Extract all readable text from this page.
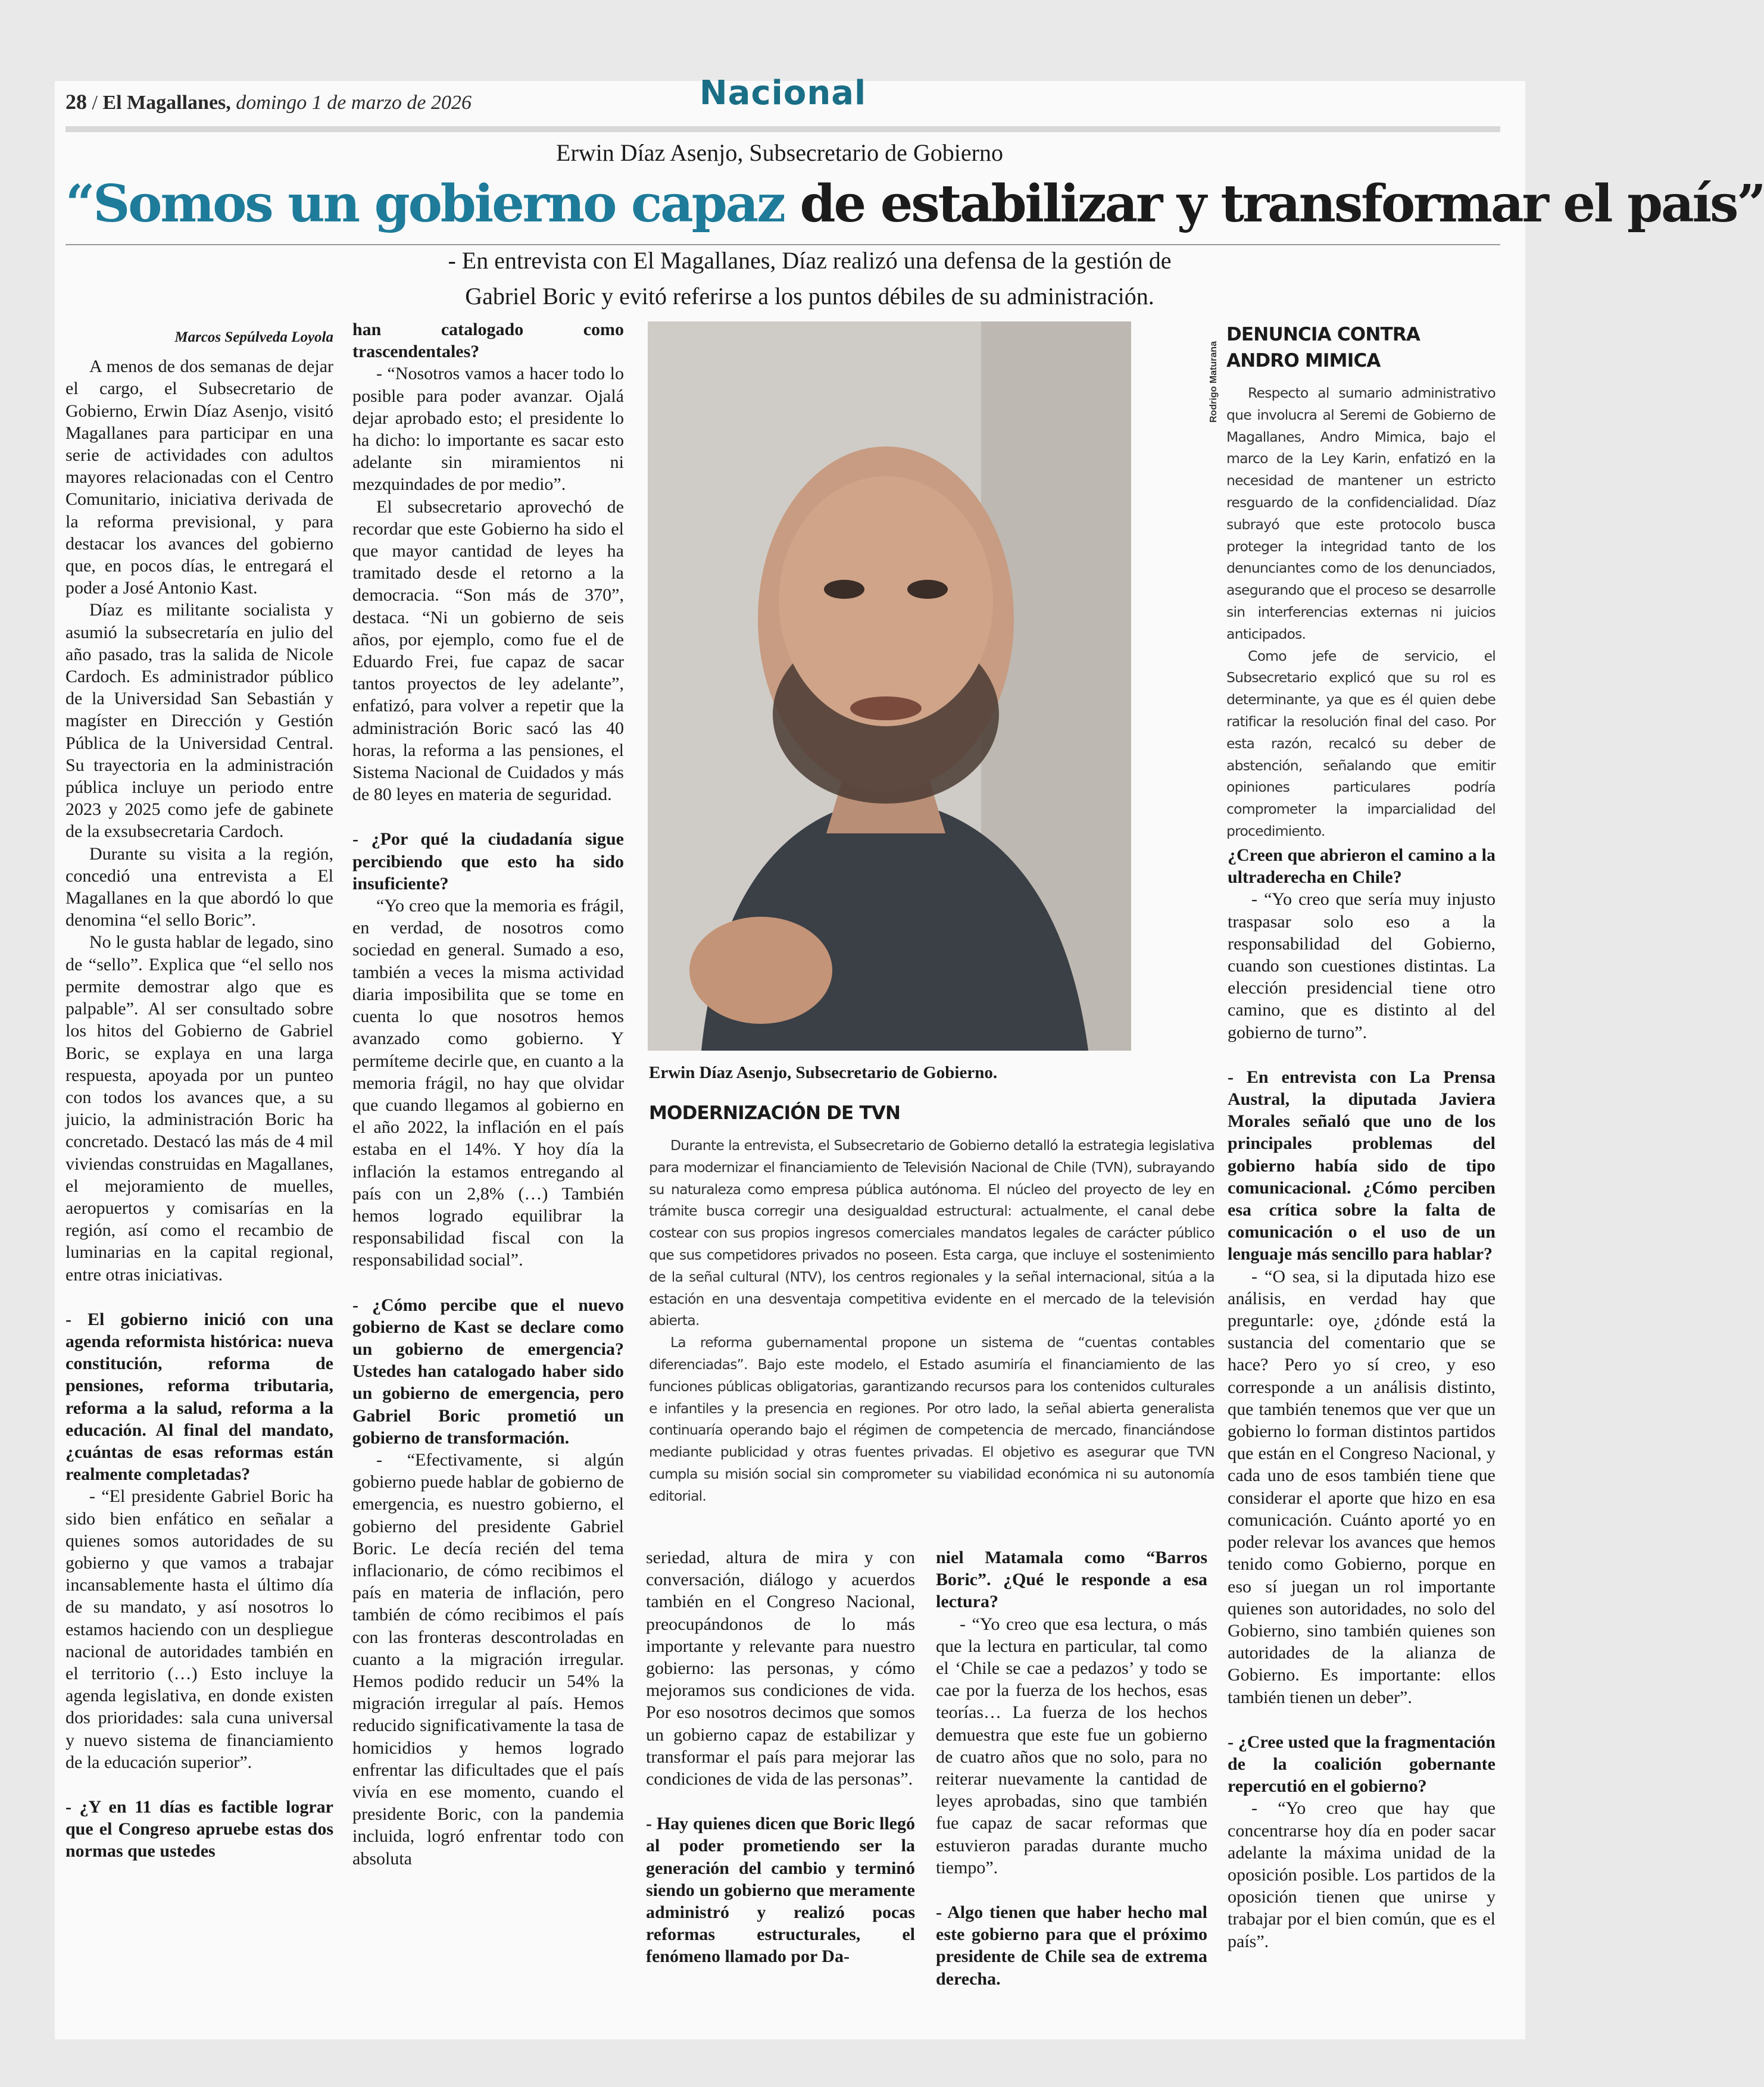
28 / El Magallanes, domingo 1 de marzo de 2026	Nacional
Erwin Díaz Asenjo, Subsecretario de Gobierno
“Somos un gobierno capaz de estabilizar y transformar el país”
- En entrevista con El Magallanes, Díaz realizó una defensa de la gestión de
Gabriel Boric y evitó referirse a los puntos débiles de su administración.

Marcos Sepúlveda Loyola

A menos de dos semanas de dejar el cargo, el Subsecretario de Gobierno, Erwin Díaz Asenjo, visitó Magallanes para participar en una serie de actividades con adultos mayores relacionadas con el Centro Comunitario, iniciativa derivada de la reforma previsional, y para destacar los avances del gobierno que, en pocos días, le entregará el poder a José Antonio Kast.

Díaz es militante socialista y asumió la subsecretaría en julio del año pasado, tras la salida de Nicole Cardoch. Es administrador público de la Universidad San Sebastián y magíster en Dirección y Gestión Pública de la Universidad Central. Su trayectoria en la administración pública incluye un periodo entre 2023 y 2025 como jefe de gabinete de la exsubsecretaria Cardoch.

Durante su visita a la región, concedió una entrevista a El Magallanes en la que abordó lo que denomina “el sello Boric”.

No le gusta hablar de legado, sino de “sello”. Explica que “el sello nos permite demostrar algo que es palpable”. Al ser consultado sobre los hitos del Gobierno de Gabriel Boric, se explaya en una larga respuesta, apoyada por un punteo con todos los avances que, a su juicio, la administración Boric ha concretado. Destacó las más de 4 mil viviendas construidas en Magallanes, el mejoramiento de muelles, aeropuertos y comisarías en la región, así como el recambio de luminarias en la capital regional, entre otras iniciativas.

- El gobierno inició con una agenda reformista histórica: nueva constitución, reforma de pensiones, reforma tributaria, reforma a la salud, reforma a la educación. Al final del mandato, ¿cuántas de esas reformas están realmente completadas?

- “El presidente Gabriel Boric ha sido bien enfático en señalar a quienes somos autoridades de su gobierno y que vamos a trabajar incansablemente hasta el último día de su mandato, y así nosotros lo estamos haciendo con un despliegue nacional de autoridades también en el territorio (…) Esto incluye la agenda legislativa, en donde existen dos prioridades: sala cuna universal y nuevo sistema de financiamiento de la educación superior”.

- ¿Y en 11 días es factible lograr que el Congreso apruebe estas dos normas que ustedes

han catalogado como trascendentales?

- “Nosotros vamos a hacer todo lo posible para poder avanzar. Ojalá dejar aprobado esto; el presidente lo ha dicho: lo importante es sacar esto adelante sin miramientos ni mezquindades de por medio”.

El subsecretario aprovechó de recordar que este Gobierno ha sido el que mayor cantidad de leyes ha tramitado desde el retorno a la democracia. “Son más de 370”, destaca. “Ni un gobierno de seis años, por ejemplo, como fue el de Eduardo Frei, fue capaz de sacar tantos proyectos de ley adelante”, enfatizó, para volver a repetir que la administración Boric sacó las 40 horas, la reforma a las pensiones, el Sistema Nacional de Cuidados y más de 80 leyes en materia de seguridad.

- ¿Por qué la ciudadanía sigue percibiendo que esto ha sido insuficiente?

“Yo creo que la memoria es frágil, en verdad, de nosotros como sociedad en general. Sumado a eso, también a veces la misma actividad diaria imposibilita que se tome en cuenta lo que nosotros hemos avanzado como gobierno. Y permíteme decirle que, en cuanto a la memoria frágil, no hay que olvidar que cuando llegamos al gobierno en el año 2022, la inflación en el país estaba en el 14%. Y hoy día la inflación la estamos entregando al país con un 2,8% (…) También hemos logrado equilibrar la responsabilidad fiscal con la responsabilidad social”.

- ¿Cómo percibe que el nuevo gobierno de Kast se declare como un gobierno de emergencia? Ustedes han catalogado haber sido un gobierno de emergencia, pero Gabriel Boric prometió un gobierno de transformación.

- “Efectivamente, si algún gobierno puede hablar de gobierno de emergencia, es nuestro gobierno, el gobierno del presidente Gabriel Boric. Le decía recién del tema inflacionario, de cómo recibimos el país en materia de inflación, pero también de cómo recibimos el país con las fronteras descontroladas en cuanto a la migración irregular. Hemos podido reducir un 54% la migración irregular al país. Hemos reducido significativamente la tasa de homicidios y hemos logrado enfrentar las dificultades que el país vivía en ese momento, cuando el presidente Boric, con la pandemia incluida, logró enfrentar todo con absoluta

Rodrigo Maturana
Erwin Díaz Asenjo, Subsecretario de Gobierno.
MODERNIZACIÓN DE TVN

Durante la entrevista, el Subsecretario de Gobierno detalló la estrategia legislativa para modernizar el financiamiento de Televisión Nacional de Chile (TVN), subrayando su naturaleza como empresa pública autónoma. El núcleo del proyecto de ley en trámite busca corregir una desigualdad estructural: actualmente, el canal debe costear con sus propios ingresos comerciales mandatos legales de carácter público que sus competidores privados no poseen. Esta carga, que incluye el sostenimiento de la señal cultural (NTV), los centros regionales y la señal internacional, sitúa a la estación en una desventaja competitiva evidente en el mercado de la televisión abierta.

La reforma gubernamental propone un sistema de “cuentas contables diferenciadas”. Bajo este modelo, el Estado asumiría el financiamiento de las funciones públicas obligatorias, garantizando recursos para los contenidos culturales e infantiles y la presencia en regiones. Por otro lado, la señal abierta generalista continuaría operando bajo el régimen de competencia de mercado, financiándose mediante publicidad y otras fuentes privadas. El objetivo es asegurar que TVN cumpla su misión social sin comprometer su viabilidad económica ni su autonomía editorial.

seriedad, altura de mira y con conversación, diálogo y acuerdos también en el Congreso Nacional, preocupándonos de lo más importante y relevante para nuestro gobierno: las personas, y cómo mejoramos sus condiciones de vida. Por eso nosotros decimos que somos un gobierno capaz de estabilizar y transformar el país para mejorar las condiciones de vida de las personas”.

- Hay quienes dicen que Boric llegó al poder prometiendo ser la generación del cambio y terminó siendo un gobierno que meramente administró y realizó pocas reformas estructurales, el fenómeno llamado por Da-

niel Matamala como “Barros Boric”. ¿Qué le responde a esa lectura?

- “Yo creo que esa lectura, o más que la lectura en particular, tal como el ‘Chile se cae a pedazos’ y todo se cae por la fuerza de los hechos, esas teorías… La fuerza de los hechos demuestra que este fue un gobierno de cuatro años que no solo, para no reiterar nuevamente la cantidad de leyes aprobadas, sino que también fue capaz de sacar reformas que estuvieron paradas durante mucho tiempo”.

- Algo tienen que haber hecho mal este gobierno para que el próximo presidente de Chile sea de extrema derecha.

DENUNCIA CONTRA
ANDRO MIMICA

Respecto al sumario administrativo que involucra al Seremi de Gobierno de Magallanes, Andro Mimica, bajo el marco de la Ley Karin, enfatizó en la necesidad de mantener un estricto resguardo de la confidencialidad. Díaz subrayó que este protocolo busca proteger la integridad tanto de los denunciantes como de los denunciados, asegurando que el proceso se desarrolle sin interferencias externas ni juicios anticipados.

Como jefe de servicio, el Subsecretario explicó que su rol es determinante, ya que es él quien debe ratificar la resolución final del caso. Por esta razón, recalcó su deber de abstención, señalando que emitir opiniones particulares podría comprometer la imparcialidad del procedimiento.

¿Creen que abrieron el camino a la ultraderecha en Chile?

- “Yo creo que sería muy injusto traspasar solo eso a la responsabilidad del Gobierno, cuando son cuestiones distintas. La elección presidencial tiene otro camino, que es distinto al del gobierno de turno”.

- En entrevista con La Prensa Austral, la diputada Javiera Morales señaló que uno de los principales problemas del gobierno había sido de tipo comunicacional. ¿Cómo perciben esa crítica sobre la falta de comunicación o el uso de un lenguaje más sencillo para hablar?

- “O sea, si la diputada hizo ese análisis, en verdad hay que preguntarle: oye, ¿dónde está la sustancia del comentario que se hace? Pero yo sí creo, y eso corresponde a un análisis distinto, que también tenemos que ver que un gobierno lo forman distintos partidos que están en el Congreso Nacional, y cada uno de esos también tiene que considerar el aporte que hizo en esa comunicación. Cuánto aporté yo en poder relevar los avances que hemos tenido como Gobierno, porque en eso sí juegan un rol importante quienes son autoridades, no solo del Gobierno, sino también quienes son autoridades de la alianza de Gobierno. Es importante: ellos también tienen un deber”.

- ¿Cree usted que la fragmentación de la coalición gobernante repercutió en el gobierno?

- “Yo creo que hay que concentrarse hoy día en poder sacar adelante la máxima unidad de la oposición posible. Los partidos de la oposición tienen que unirse y trabajar por el bien común, que es el país”.
